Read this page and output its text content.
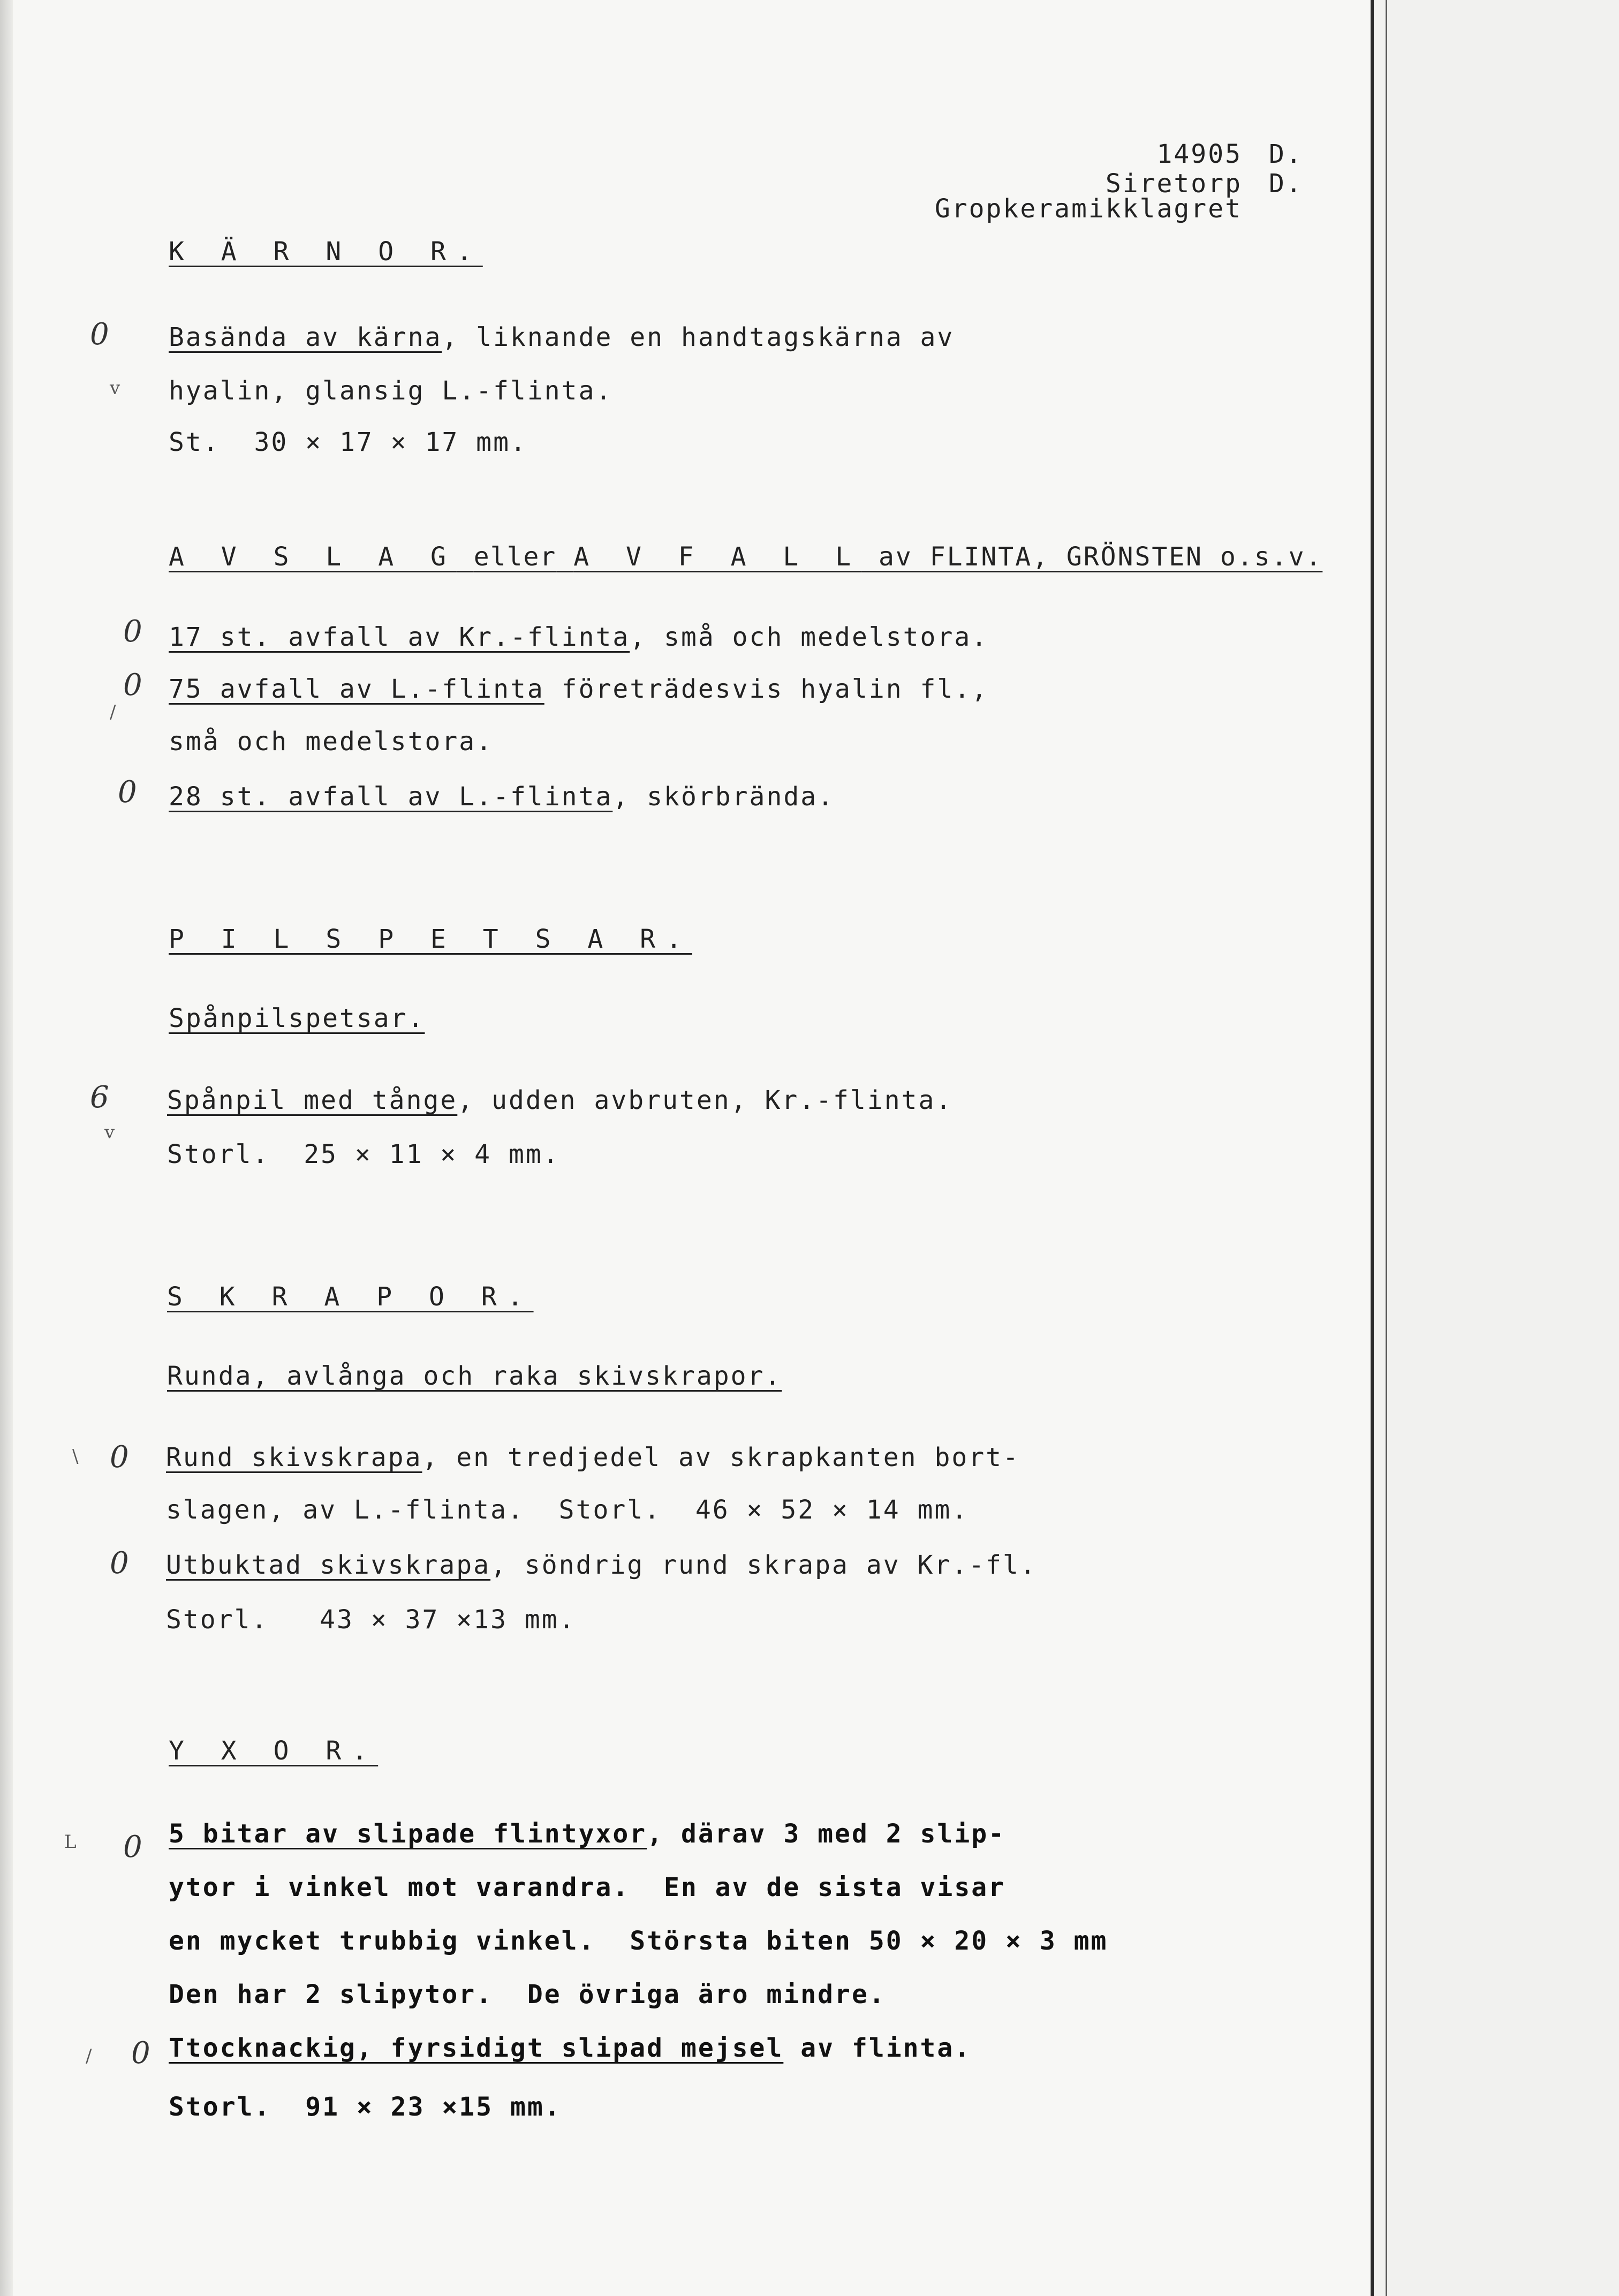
14905 D.
Siretorp D.
Gropkeramikklagret
K Ä R N O R.
0 Basända av kärna, liknande en handtagskärna av
v hyalin, glansig L.-flinta.
St.  30 × 17 × 17 mm.
A V S L A G eller A V F A L L av FLINTA, GRÖNSTEN o.s.v.
0 17 st. avfall av Kr.-flinta, små och medelstora.
0 75 avfall av L.-flinta företrädesvis hyalin fl.,
/
små och medelstora.
0 28 st. avfall av L.-flinta, skörbrända.
P I L S P E T S A R.
Spånpilspetsar.
6 Spånpil med tånge, udden avbruten, Kr.-flinta.
v
Storl.  25 × 11 × 4 mm.
S K R A P O R.
Runda, avlånga och raka skivskrapor.
\ 0 Rund skivskrapa, en tredjedel av skrapkanten bort-
slagen, av L.-flinta.  Storl.  46 × 52 × 14 mm.
0 Utbuktad skivskrapa, söndrig rund skrapa av Kr.-fl.
Storl.   43 × 37 ×13 mm.
Y X O R.
L 0 5 bitar av slipade flintyxor, därav 3 med 2 slip-
ytor i vinkel mot varandra.  En av de sista visar
en mycket trubbig vinkel.  Största biten 50 × 20 × 3 mm
Den har 2 slipytor.  De övriga äro mindre.
/ 0 Ttocknackig, fyrsidigt slipad mejsel av flinta.
Storl.  91 × 23 ×15 mm.
